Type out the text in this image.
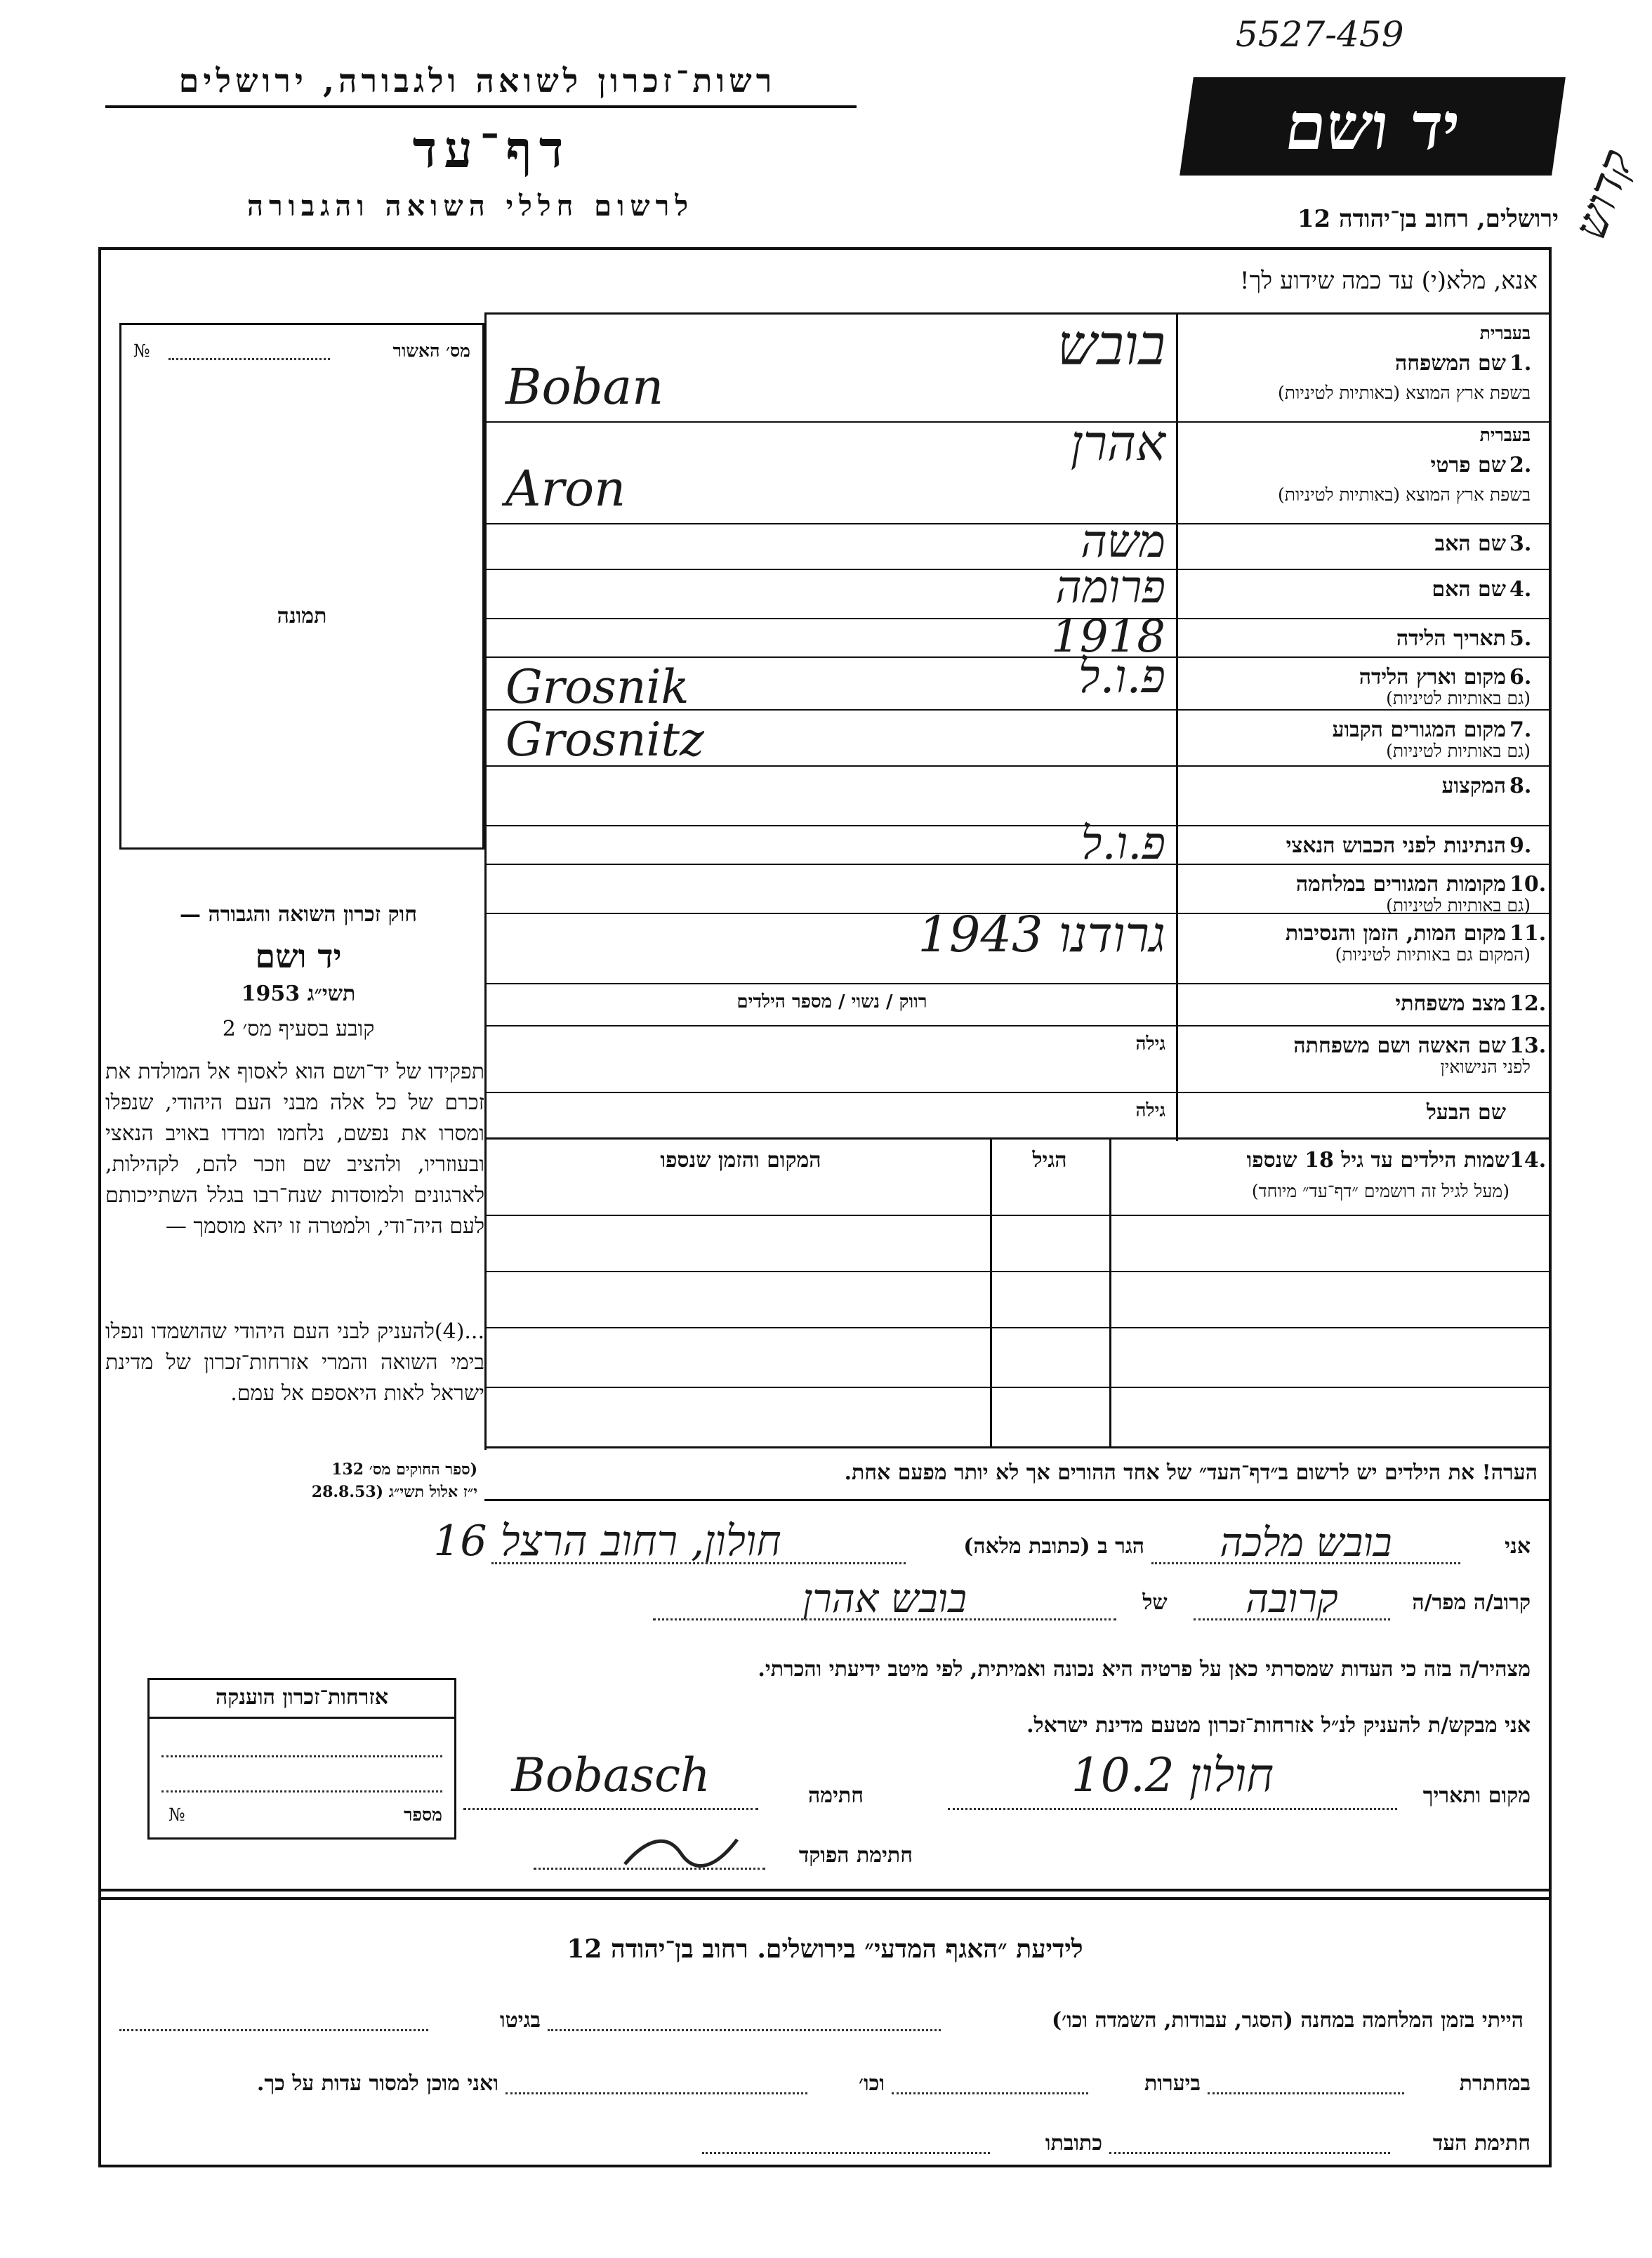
5527-459
רשות־זכרון לשואה ולגבורה, ירושלים
דף־עד
לרשום חללי השואה והגבורה
יד ושם
קדוש
ירושלים, רחוב בן־יהודה 12
אנא, מלא(י) עד כמה שידוע לך!
מס׳ האשור
№
תמונה
חוק זכרון השואה והגבורה —
יד ושם
תשי״ג 1953
קובע בסעיף מס׳ 2
תפקידו של יד־ושם הוא לאסוף אל המולדת את זכרם של כל אלה מבני העם היהודי, שנפלו ומסרו את נפשם, נלחמו ומרדו באויב הנאצי ובעוזריו, ולהציב שם וזכר להם, לקהילות, לארגונים ולמוסדות שנח־רבו בגלל השתייכותם לעם היה־ודי, ולמטרה זו יהא מוסמך —
...(4)להעניק לבני העם היהודי שהושמדו ונפלו בימי השואה והמרי אזרחות־זכרון של מדינת ישראל לאות היאספם אל עמם.
(ספר החוקים מס׳ 132
י״ז אלול תשי״ג (28.8.53
1.
שם המשפחה
בעברית
בשפת ארץ המוצא (באותיות לטיניות)
בובש
Boban
2.
שם פרטי
בעברית
בשפת ארץ המוצא (באותיות לטיניות)
אהרן
Aron
3.
שם האב
משה
4.
שם האם
פרומה
5.
תאריך הלידה
1918
6.
מקום וארץ הלידה
(גם באותיות לטיניות)
פ.ו.ל
Grosnik
7.
מקום המגורים הקבוע
(גם באותיות לטיניות)
Grosnitz
8.
המקצוע
9.
הנתינות לפני הכבוש הנאצי
פ.ו.ל
10.
מקומות המגורים במלחמה
(גם באותיות לטיניות)
11.
מקום המות, הזמן והנסיבות
(המקום גם באותיות לטיניות)
גרודנו 1943
12.
מצב משפחתי
רווק / נשוי / מספר הילדים
13.
שם האשה ושם משפחתה
לפני הנישואין
גילה
שם הבעל
גילה
שמות הילדים עד גיל 18 שנספו 14.
(מעל לגיל זה רושמים ״דף־עד״ מיוחד)
הגיל
המקום והזמן שנספו
הערה! את הילדים יש לרשום ב״דף־העד״ של אחד ההורים אך לא יותר מפעם אחת.
אני
בובש מלכה
הגר ב (כתובת מלאה)
חולון, רחוב הרצל 16
קרוב/ה מפר/ה
קרובה
של
בובש אהרן
מצהיר/ה בזה כי העדות שמסרתי כאן על פרטיה היא נכונה ואמיתית, לפי מיטב ידיעתי והכרתי.
אזרחות־זכרון הוענקה
מספר
№
אני מבקש/ת להעניק לנ״ל אזרחות־זכרון מטעם מדינת ישראל.
מקום ותאריך
חולון 10.2
חתימה
Bobasch
חתימת הפוקד
לידיעת ״האגף המדעי״ בירושלים. רחוב בן־יהודה 12
הייתי בזמן המלחמה במחנה (הסגר, עבודות, השמדה וכו׳)
בגיטו
במחתרת
ביערות
וכו׳
ואני מוכן למסור עדות על כך.
חתימת העד
כתובתו
